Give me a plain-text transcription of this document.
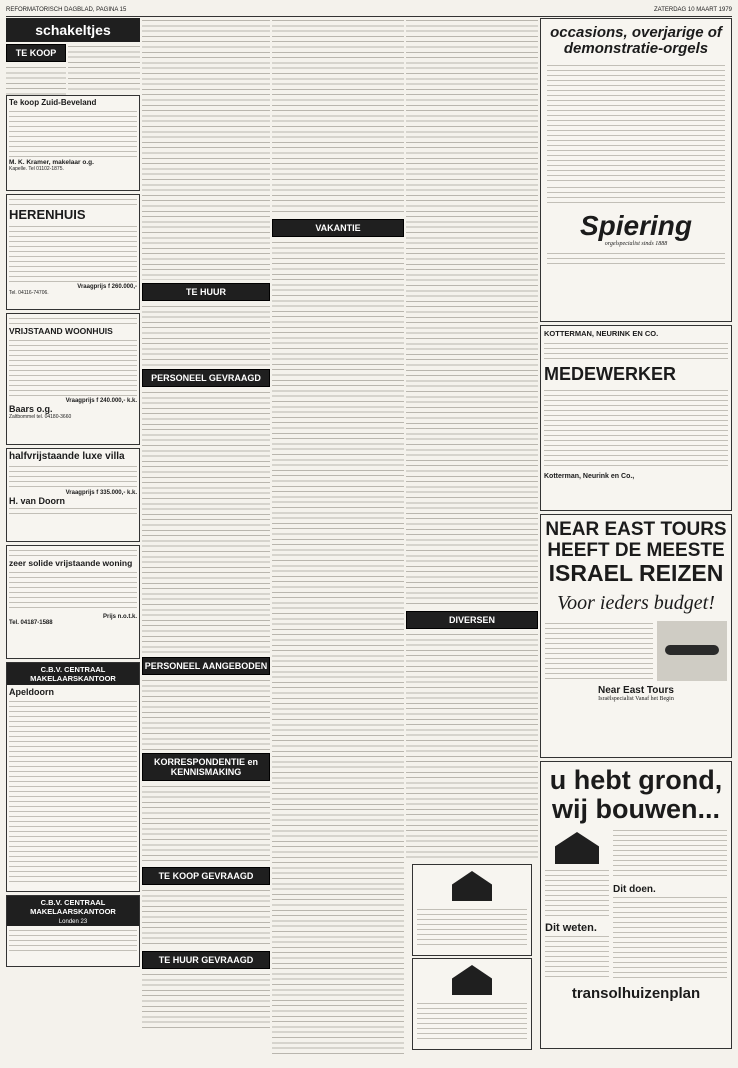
REFORMATORISCH DAGBLAD, PAGINA 15	ZATERDAG 10 MAART 1979
schakeltjes
TE KOOP
Te koop Zuid-Beveland
M. K. Kramer, makelaar o.g.
Kapelle. Tel 01102-1875.
HERENHUIS
Vraagprijs f 260.000,-
Tel. 04116-74706.
VRIJSTAAND WOONHUIS
Vraagprijs f 240.000,- k.k.
Baars o.g.
Zaltbommel tel. 04180-3660
halfvrijstaande luxe villa
Vraagprijs f 335.000,- k.k.
H. van Doorn
zeer solide vrijstaande woning
Prijs n.o.t.k.
Tel. 04187-1588
C.B.V. CENTRAAL MAKELAARSKANTOOR
Apeldoorn
C.B.V. CENTRAAL MAKELAARSKANTOOR
Londen 23
TE HUUR
PERSONEEL GEVRAAGD
PERSONEEL AANGEBODEN
KORRESPONDENTIE en KENNISMAKING
TE KOOP GEVRAAGD
TE HUUR GEVRAAGD
VAKANTIE
DIVERSEN
occasions, overjarige of demonstratie-orgels
Spiering
orgelspecialist sinds 1888
KOTTERMAN, NEURINK EN CO.
MEDEWERKER
Kotterman, Neurink en Co.,
NEAR EAST TOURS
HEEFT DE MEESTE
ISRAEL REIZEN
Voor ieders budget!
Near East Tours
Israëlspecialist Vanaf het Begin
u hebt grond,
wij bouwen...
Dit weten.
Dit doen.
transolhuizenplan
